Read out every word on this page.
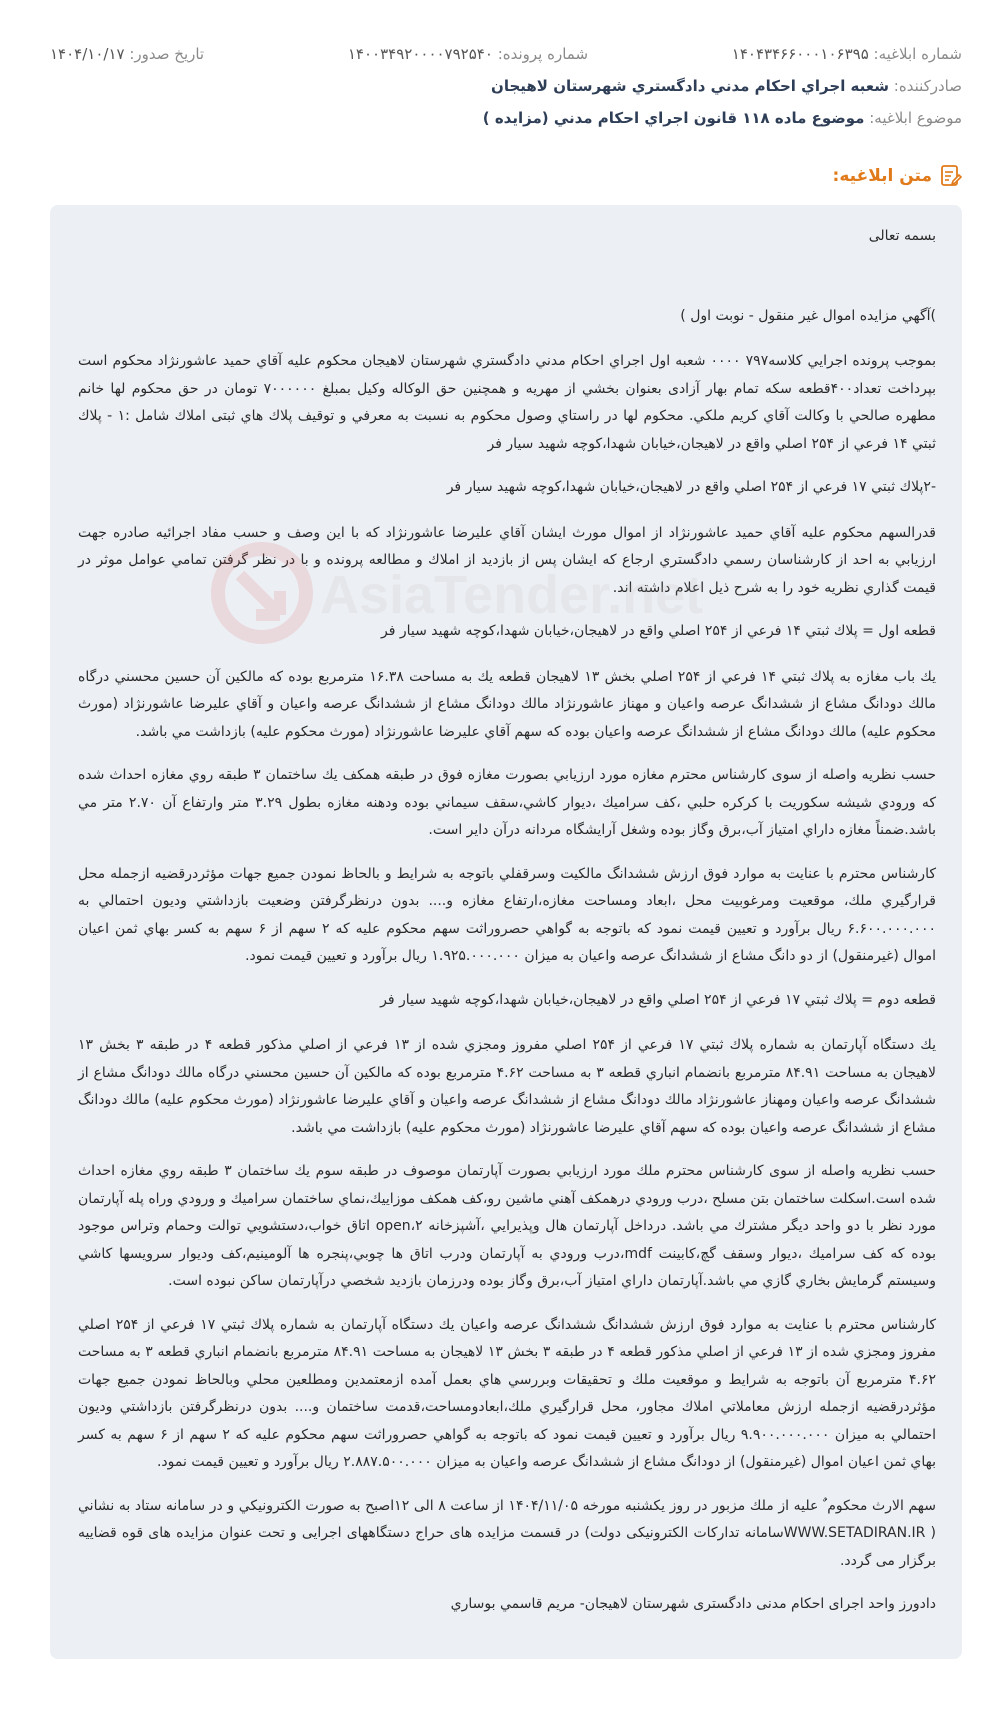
شماره ابلاغیه: ۱۴۰۴۳۴۶۶۰۰۰۱۰۶۳۹۵
شماره پرونده: ۱۴۰۰۳۴۹۲۰۰۰۰۷۹۲۵۴۰
تاریخ صدور: ۱۴۰۴/۱۰/۱۷
صادرکننده: شعبه اجراي احكام مدني دادگستري شهرستان لاهيجان
موضوع ابلاغیه: موضوع ماده ۱۱۸ قانون اجراي احكام مدني (مزايده )
متن ابلاغیه:
AsiaTender.net

بسمه تعالی

)آگهي مزايده اموال غير منقول - نوبت اول )

بموجب پرونده اجرايي كلاسه۷۹۷ ۰۰۰۰ شعبه اول اجراي احكام مدني دادگستري شهرستان لاهيجان محكوم عليه آقاي حميد عاشورنژاد محكوم است بپرداخت تعداد۴۰۰قطعه سكه تمام بهار آزادی بعنوان بخشي از مهريه و همچنين حق الوكاله وكيل بمبلغ ۷۰۰۰۰۰۰ تومان در حق محكوم لها خانم مطهره صالحي با وكالت آقاي كريم ملكي. محكوم لها در راستاي وصول محكوم به نسبت به معرفي و توقيف پلاك هاي ثبتی املاك شامل :۱ - پلاك ثبتي ۱۴ فرعي از ۲۵۴ اصلي واقع در لاهيجان،خيابان شهدا،كوچه شهيد سيار فر

-۲پلاك ثبتي ۱۷ فرعي از ۲۵۴ اصلي واقع در لاهيجان،خيابان شهدا،كوچه شهيد سيار فر

قدرالسهم محكوم عليه آقاي حميد عاشورنژاد از اموال مورث ايشان آقاي عليرضا عاشورنژاد كه با اين وصف و حسب مفاد اجرائيه صادره جهت ارزيابي به احد از كارشناسان رسمي دادگستري ارجاع كه ايشان پس از بازديد از املاك و مطالعه پرونده و با در نظر گرفتن تمامي عوامل موثر در قيمت گذاري نظريه خود را به شرح ذيل اعلام داشته اند.

قطعه اول = پلاك ثبتي ۱۴ فرعي از ۲۵۴ اصلي واقع در لاهيجان،خيابان شهدا،كوچه شهيد سيار فر

يك باب مغازه به پلاك ثبتي ۱۴ فرعي از ۲۵۴ اصلي بخش ۱۳ لاهيجان قطعه يك به مساحت ۱۶.۳۸ مترمربع بوده كه مالكين آن حسين محسني درگاه مالك دودانگ مشاع از ششدانگ عرصه واعيان و مهناز عاشورنژاد مالك دودانگ مشاع از ششدانگ عرصه واعيان و آقاي عليرضا عاشورنژاد (مورث محكوم عليه) مالك دودانگ مشاع از ششدانگ عرصه واعيان بوده كه سهم آقاي عليرضا عاشورنژاد (مورث محكوم عليه) بازداشت مي باشد.

حسب نظريه واصله از سوی كارشناس محترم مغازه مورد ارزيابي بصورت مغازه فوق در طبقه همكف يك ساختمان ۳ طبقه روي مغازه احداث شده كه ورودي شيشه سكوريت با كركره حلبي ،كف سراميك ،ديوار كاشي،سقف سيماني بوده ودهنه مغازه بطول ۳.۲۹ متر وارتفاع آن ۲.۷۰ متر مي باشد.ضمناً مغازه داراي امتياز آب،برق وگاز بوده وشغل آرايشگاه مردانه درآن داير است.

كارشناس محترم با عنايت به موارد فوق ارزش ششدانگ مالكيت وسرقفلي باتوجه به شرايط و بالحاظ نمودن جميع جهات مؤثردرقضيه ازجمله محل قرارگيري ملك، موقعيت ومرغوبيت محل ،ابعاد ومساحت مغازه،ارتفاع مغازه و.... بدون درنظرگرفتن وضعيت بازداشتي وديون احتمالي به ۶.۶۰۰.۰۰۰.۰۰۰ ريال برآورد و تعيين قيمت نمود كه باتوجه به گواهي حصروراثت سهم محكوم عليه كه ۲ سهم از ۶ سهم به كسر بهاي ثمن اعيان اموال (غيرمنقول) از دو دانگ مشاع از ششدانگ عرصه واعيان به ميزان ۱.۹۲۵.۰۰۰.۰۰۰ ريال برآورد و تعيين قيمت نمود.

قطعه دوم = پلاك ثبتي ۱۷ فرعي از ۲۵۴ اصلي واقع در لاهيجان،خيابان شهدا،كوچه شهيد سيار فر

يك دستگاه آپارتمان به شماره پلاك ثبتي ۱۷ فرعي از ۲۵۴ اصلي مفروز ومجزي شده از ۱۳ فرعي از اصلي مذكور قطعه ۴ در طبقه ۳ بخش ۱۳ لاهيجان به مساحت ۸۴.۹۱ مترمربع بانضمام انباري قطعه ۳ به مساحت ۴.۶۲ مترمربع بوده كه مالكين آن حسين محسني درگاه مالك دودانگ مشاع از ششدانگ عرصه واعيان ومهناز عاشورنژاد مالك دودانگ مشاع از ششدانگ عرصه واعيان و آقاي عليرضا عاشورنژاد (مورث محكوم عليه) مالك دودانگ مشاع از ششدانگ عرصه واعيان بوده كه سهم آقاي عليرضا عاشورنژاد (مورث محكوم عليه) بازداشت مي باشد.

حسب نظريه واصله از سوی كارشناس محترم ملك مورد ارزيابي بصورت آپارتمان موصوف در طبقه سوم يك ساختمان ۳ طبقه روي مغازه احداث شده است.اسكلت ساختمان بتن مسلح ،درب ورودي درهمكف آهني ماشين رو،كف همكف موزاييك،نماي ساختمان سراميك و ورودي وراه پله آپارتمان مورد نظر با دو واحد ديگر مشترك مي باشد. درداخل آپارتمان هال وپذيرايي ،آشپزخانه open،۲ اتاق خواب،دستشويي توالت وحمام وتراس موجود بوده كه كف سراميك ،ديوار وسقف گچ،كابينت mdf،درب ورودي به آپارتمان ودرب اتاق ها چوبي،پنجره ها آلومينيم،كف وديوار سرويسها كاشي وسيستم گرمايش بخاري گازي مي باشد.آپارتمان داراي امتياز آب،برق وگاز بوده ودرزمان بازديد شخصي درآپارتمان ساكن نبوده است.

كارشناس محترم با عنايت به موارد فوق ارزش ششدانگ ششدانگ عرصه واعيان يك دستگاه آپارتمان به شماره پلاك ثبتي ۱۷ فرعي از ۲۵۴ اصلي مفروز ومجزي شده از ۱۳ فرعي از اصلي مذكور قطعه ۴ در طبقه ۳ بخش ۱۳ لاهيجان به مساحت ۸۴.۹۱ مترمربع بانضمام انباري قطعه ۳ به مساحت ۴.۶۲ مترمربع آن باتوجه به شرايط و موقعيت ملك و تحقيقات وبررسي هاي بعمل آمده ازمعتمدين ومطلعين محلي وبالحاظ نمودن جميع جهات مؤثردرقضيه ازجمله ارزش معاملاتي املاك مجاور، محل قرارگيري ملك،ابعادومساحت،قدمت ساختمان و.... بدون درنظرگرفتن بازداشتي وديون احتمالي به ميزان ۹.۹۰۰.۰۰۰.۰۰۰ ريال برآورد و تعيين قيمت نمود كه باتوجه به گواهي حصروراثت سهم محكوم عليه كه ۲ سهم از ۶ سهم به كسر بهاي ثمن اعيان اموال (غيرمنقول) از دودانگ مشاع از ششدانگ عرصه واعيان به ميزان ۲.۸۸۷.۵۰۰.۰۰۰ ريال برآورد و تعيين قيمت نمود.

سهم الارث محكوم ٌ عليه از ملك مزبور در روز يكشنبه مورخه ۱۴۰۴/۱۱/۰۵ از ساعت ۸ الی ۱۲اصبح به صورت الكترونيكي و در سامانه ستاد به نشاني ( WWW.SETADIRAN.IRسامانه تداركات الكترونيكی دولت) در قسمت مزايده های حراج دستگاههای اجرايی و تحت عنوان مزايده های قوه قضاييه برگزار می گردد.

دادورز واحد اجرای احكام مدنی دادگستری شهرستان لاهيجان- مريم قاسمي بوساري
